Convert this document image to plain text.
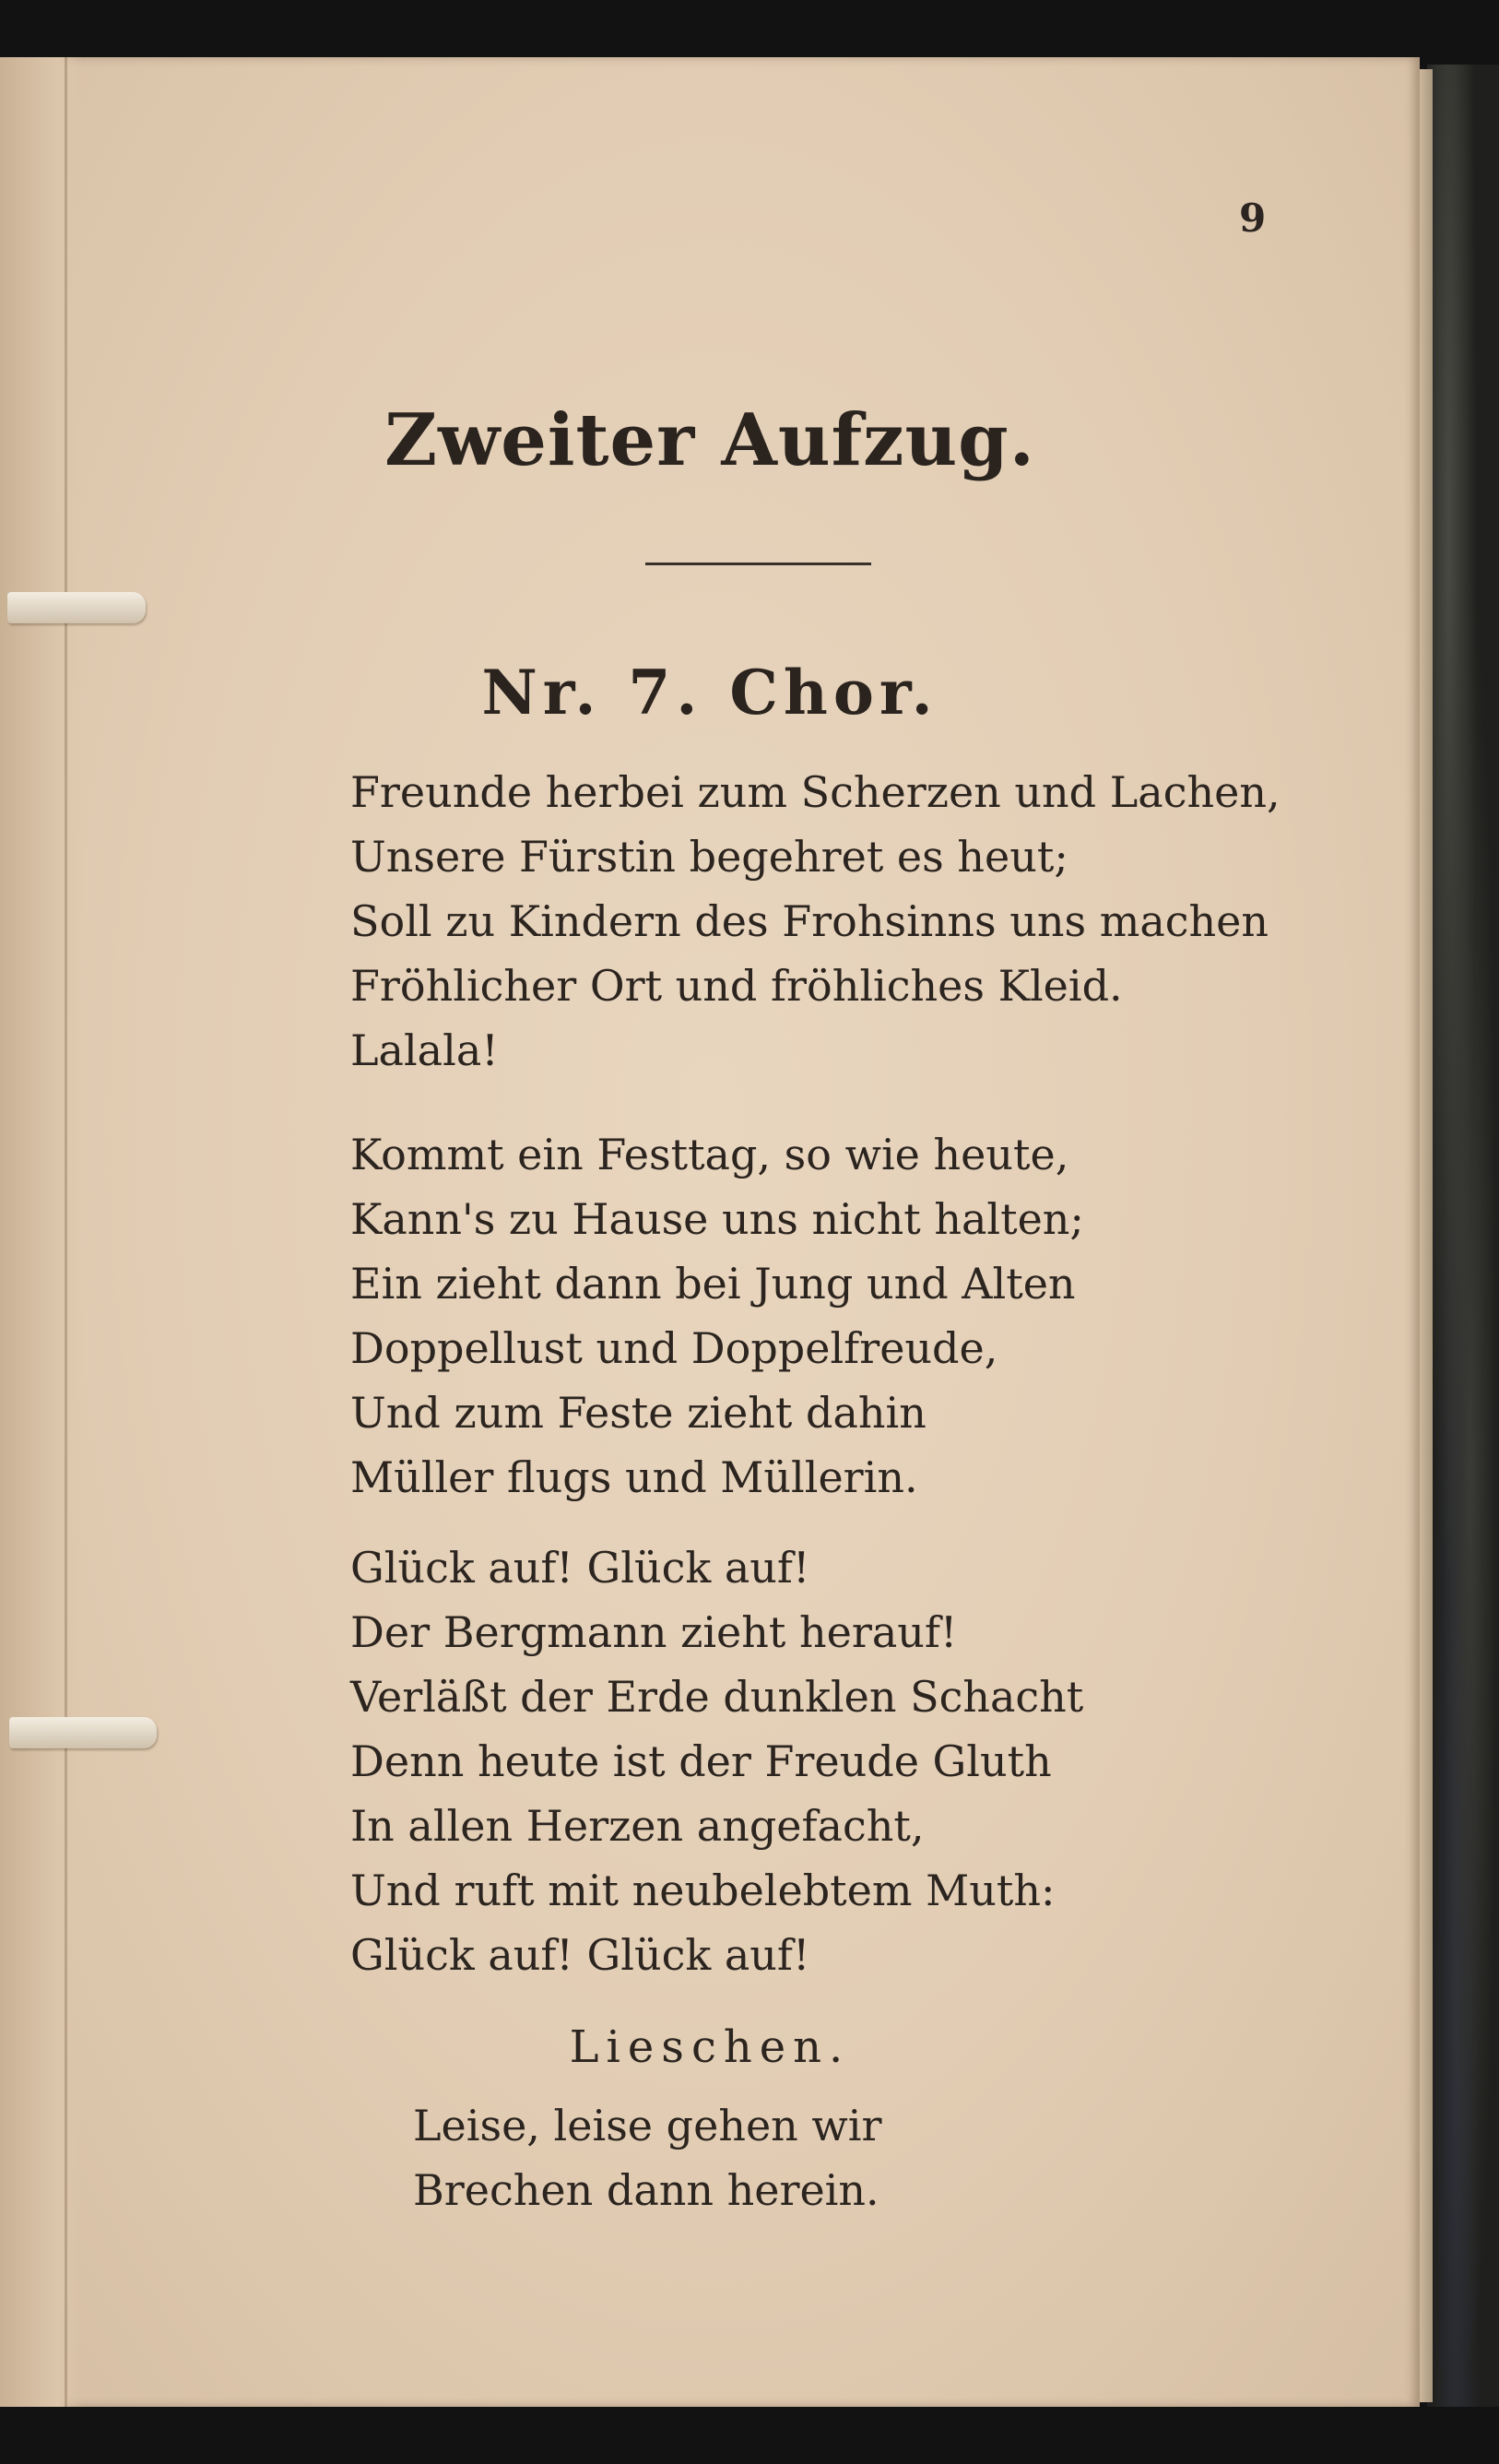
9
Zweiter Aufzug.
Nr. 7. Chor.
Freunde herbei zum Scherzen und Lachen,
Unsere Fürstin begehret es heut;
Soll zu Kindern des Frohsinns uns machen
Fröhlicher Ort und fröhliches Kleid.
Lalala!
Kommt ein Festtag, so wie heute,
Kann's zu Hause uns nicht halten;
Ein zieht dann bei Jung und Alten
Doppellust und Doppelfreude,
Und zum Feste zieht dahin
Müller flugs und Müllerin.
Glück auf! Glück auf!
Der Bergmann zieht herauf!
Verläßt der Erde dunklen Schacht
Denn heute ist der Freude Gluth
In allen Herzen angefacht,
Und ruft mit neubelebtem Muth:
Glück auf! Glück auf!
Lieschen.
Leise, leise gehen wir
Brechen dann herein.
